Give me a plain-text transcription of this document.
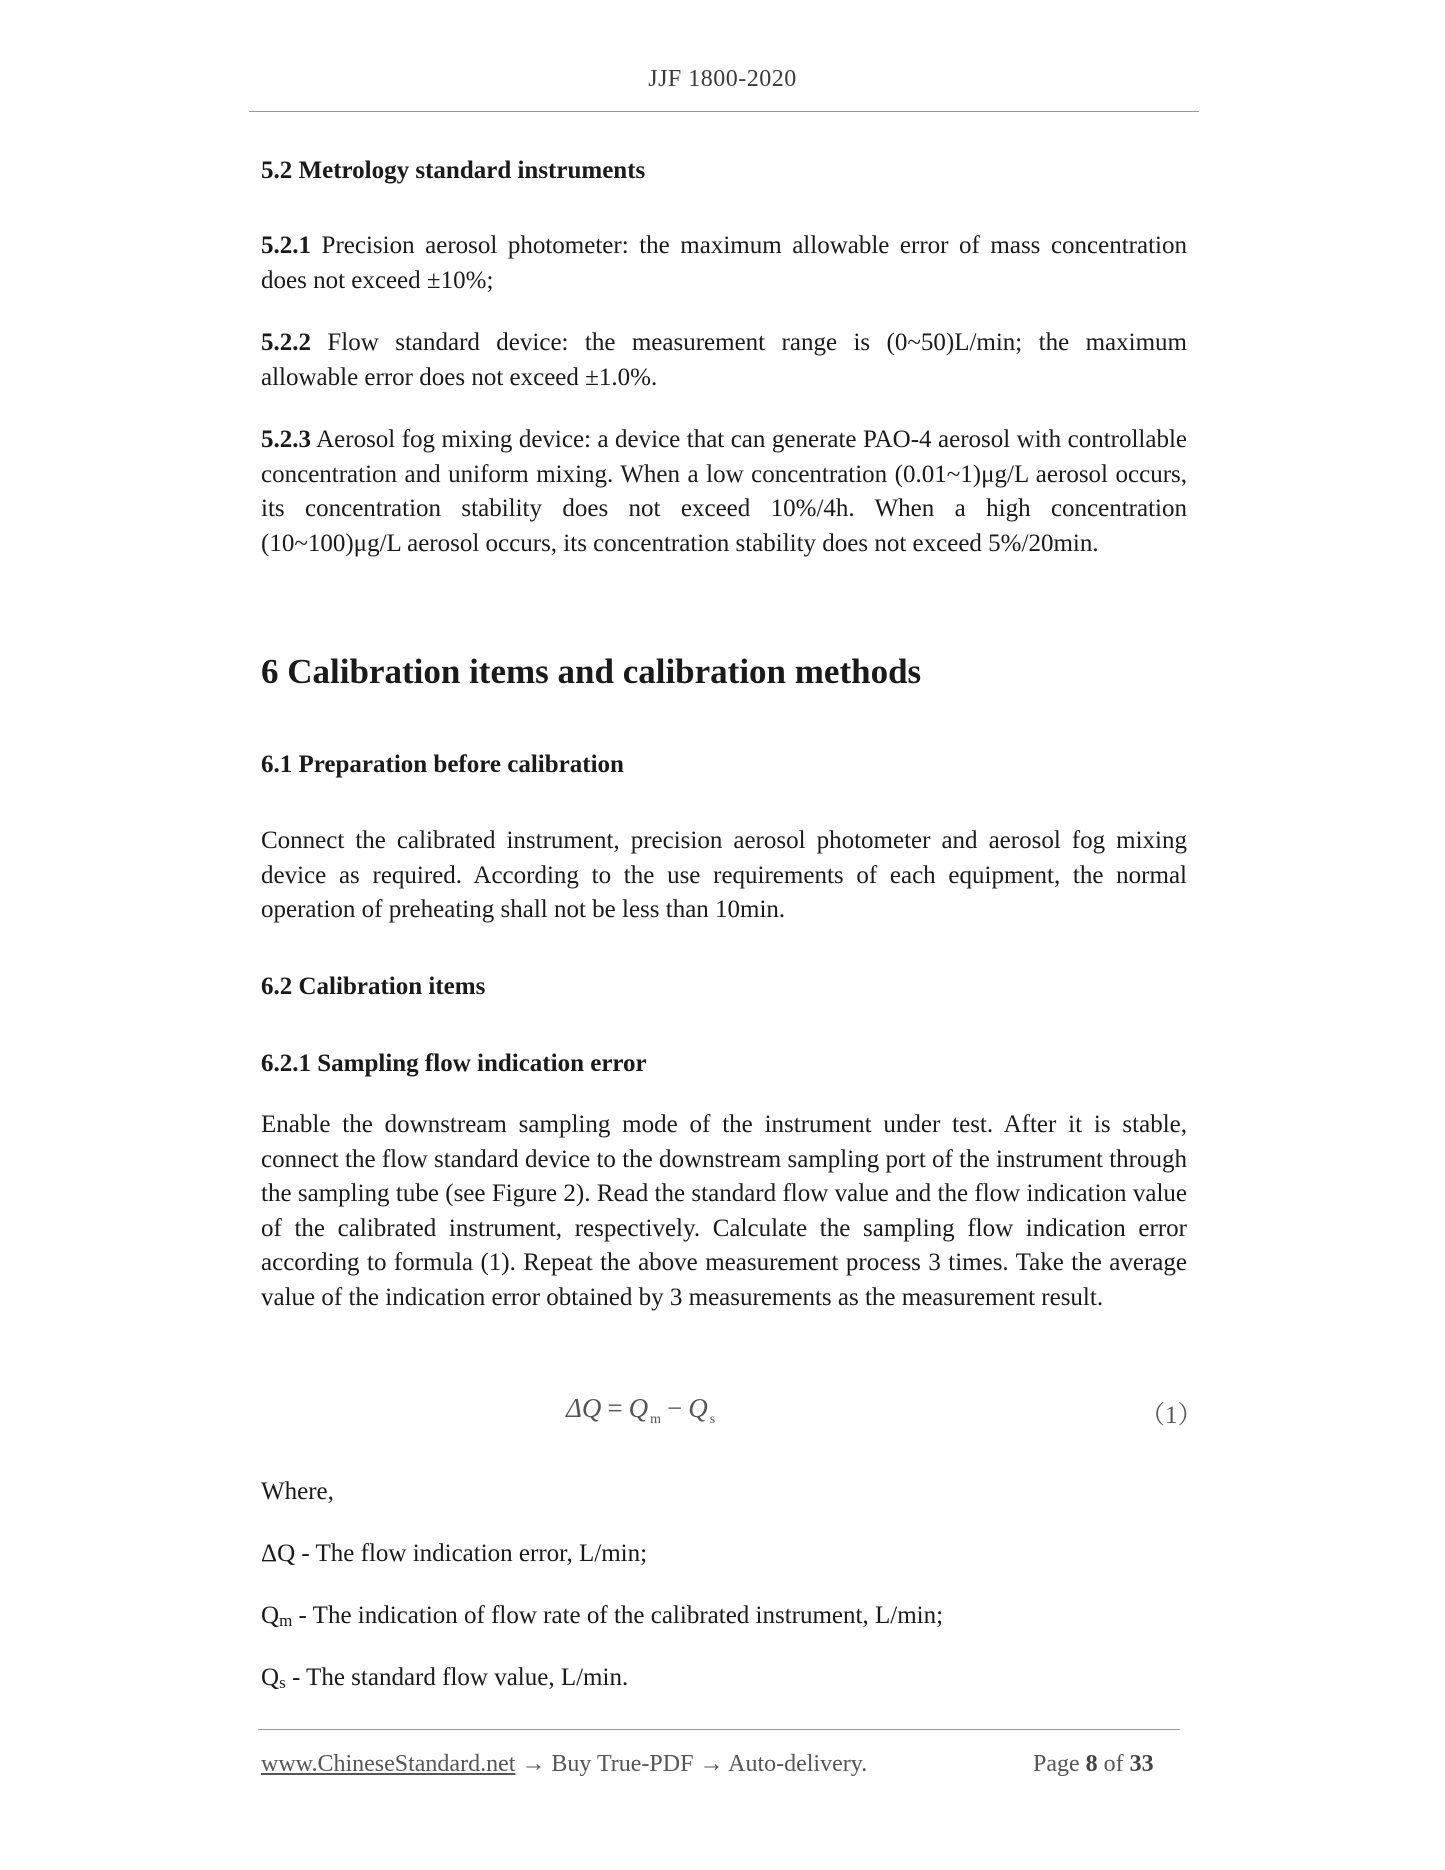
JJF 1800-2020
5.2 Metrology standard instruments
5.2.1 Precision aerosol photometer: the maximum allowable error of mass concentration does not exceed ±10%;
5.2.2 Flow standard device: the measurement range is (0~50)L/min; the maximum allowable error does not exceed ±1.0%.
5.2.3 Aerosol fog mixing device: a device that can generate PAO-4 aerosol with controllable concentration and uniform mixing. When a low concentration (0.01~1)μg/L aerosol occurs, its concentration stability does not exceed 10%/4h. When a high concentration (10~100)μg/L aerosol occurs, its concentration stability does not exceed 5%/20min.
6 Calibration items and calibration methods
6.1 Preparation before calibration
Connect the calibrated instrument, precision aerosol photometer and aerosol fog mixing device as required. According to the use requirements of each equipment, the normal operation of preheating shall not be less than 10min.
6.2 Calibration items
6.2.1 Sampling flow indication error
Enable the downstream sampling mode of the instrument under test. After it is stable, connect the flow standard device to the downstream sampling port of the instrument through the sampling tube (see Figure 2). Read the standard flow value and the flow indication value of the calibrated instrument, respectively. Calculate the sampling flow indication error according to formula (1). Repeat the above measurement process 3 times. Take the average value of the indication error obtained by 3 measurements as the measurement result.
ΔQ = Q $_m$ − Q $_s$	（1）
Where,
ΔQ - The flow indication error, L/min;
Qm - The indication of flow rate of the calibrated instrument, L/min;
Qs - The standard flow value, L/min.
www.ChineseStandard.net → Buy True-PDF → Auto-delivery.	Page 8 of 33
